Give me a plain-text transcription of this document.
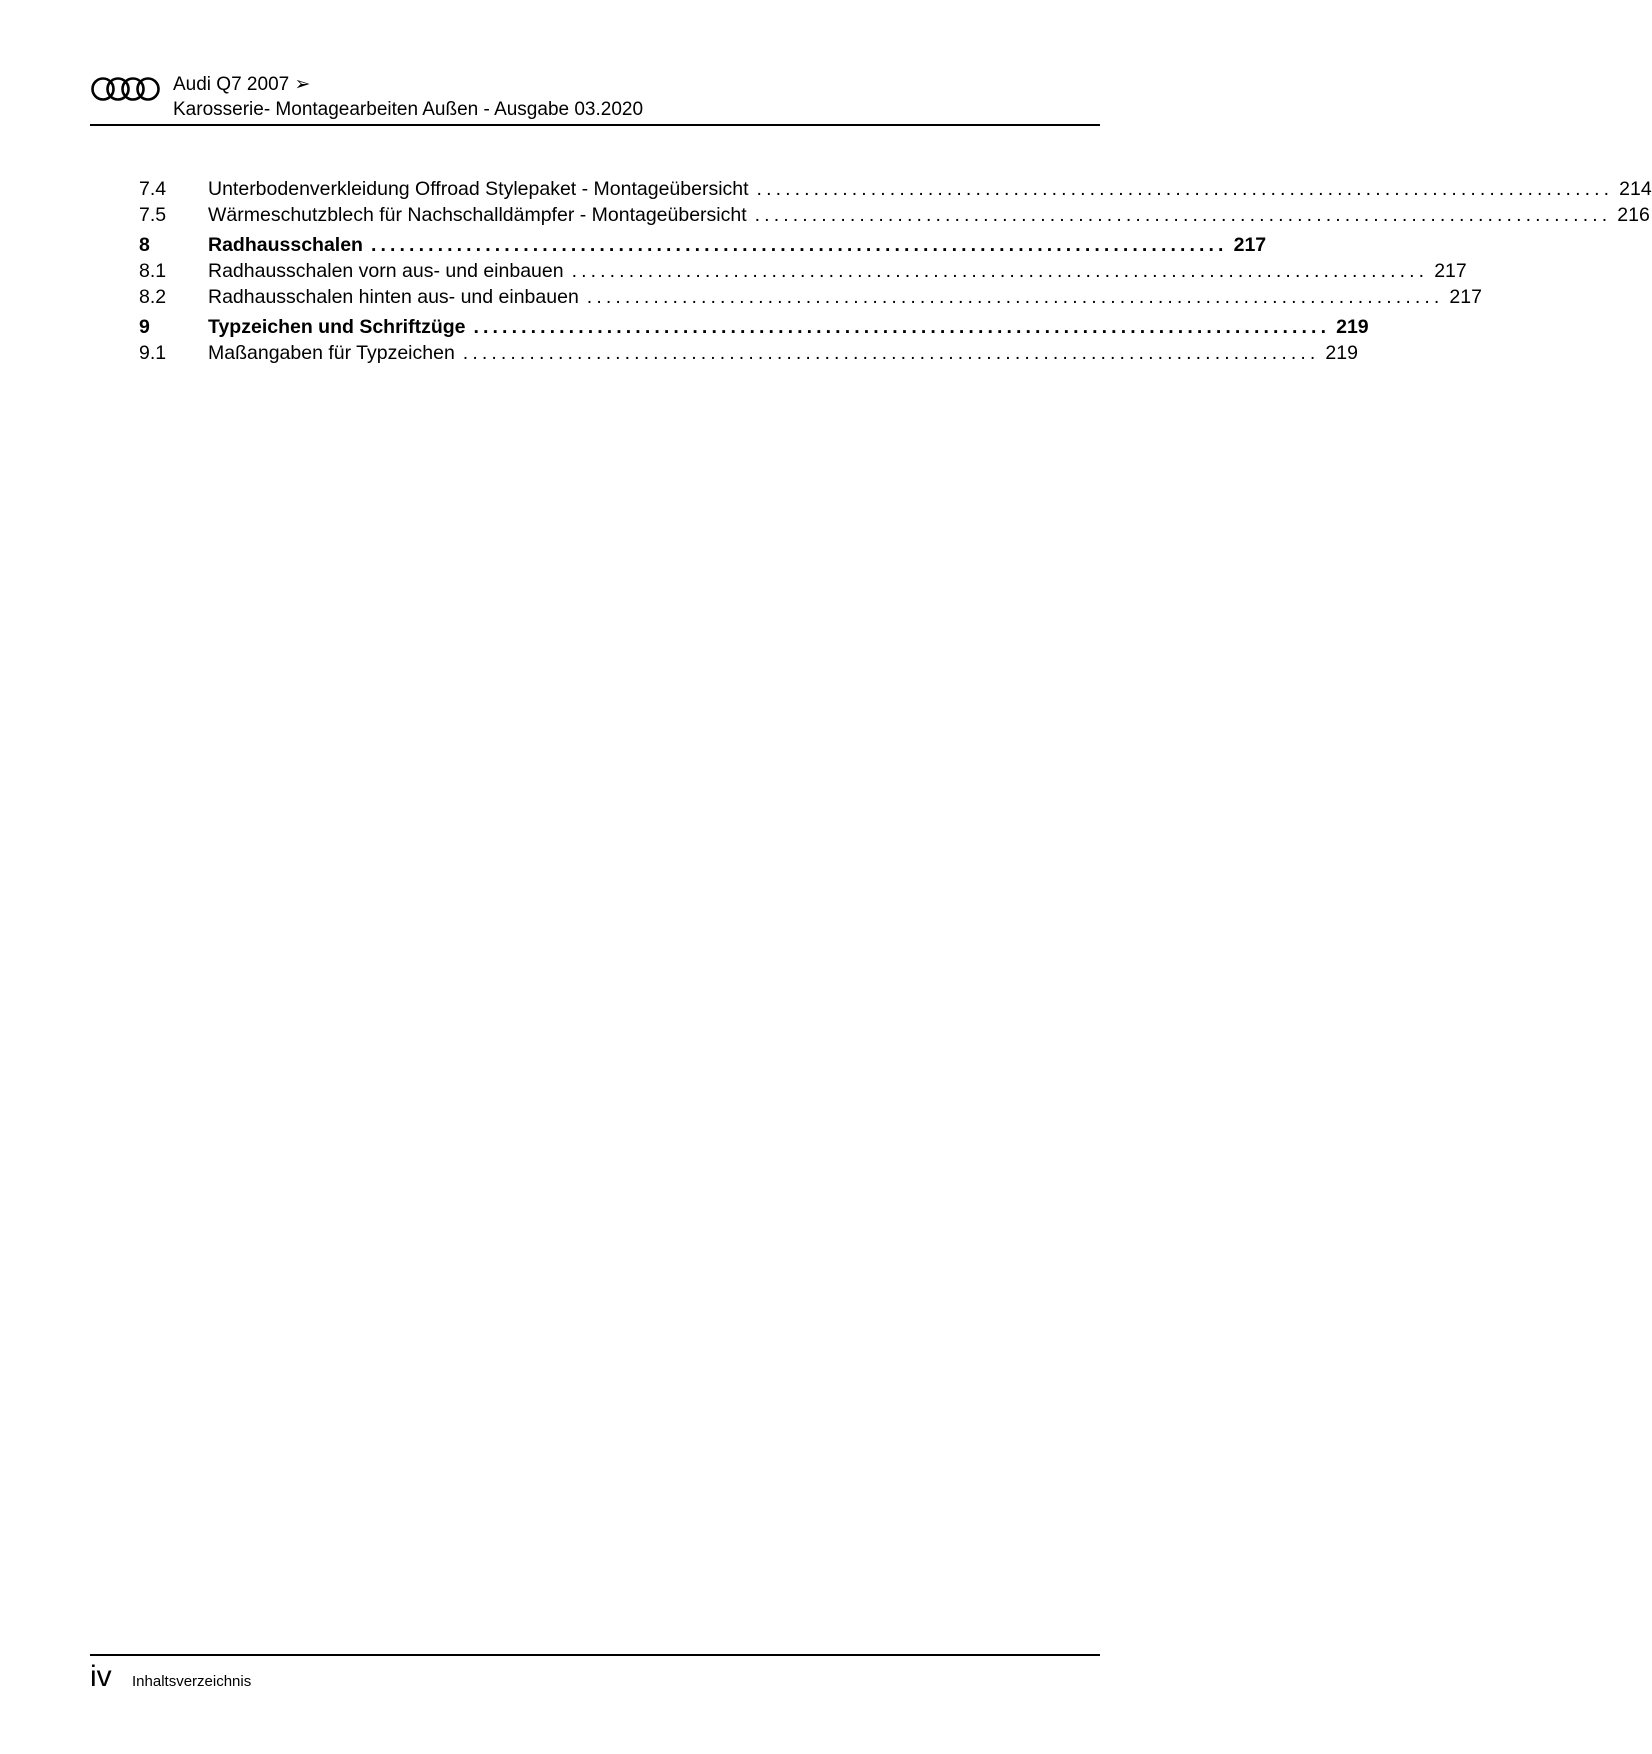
Audi Q7 2007 ➢
Karosserie- Montagearbeiten Außen - Ausgabe 03.2020
7.4	Unterbodenverkleidung Offroad Stylepaket - Montageübersicht .......................................................................................... 214
7.5	Wärmeschutzblech für Nachschalldämpfer - Montageübersicht .......................................................................................... 216
8	Radhausschalen .......................................................................................... 217
8.1	Radhausschalen vorn aus- und einbauen .......................................................................................... 217
8.2	Radhausschalen hinten aus- und einbauen .......................................................................................... 217
9	Typzeichen und Schriftzüge .......................................................................................... 219
9.1	Maßangaben für Typzeichen .......................................................................................... 219
iv Inhaltsverzeichnis
